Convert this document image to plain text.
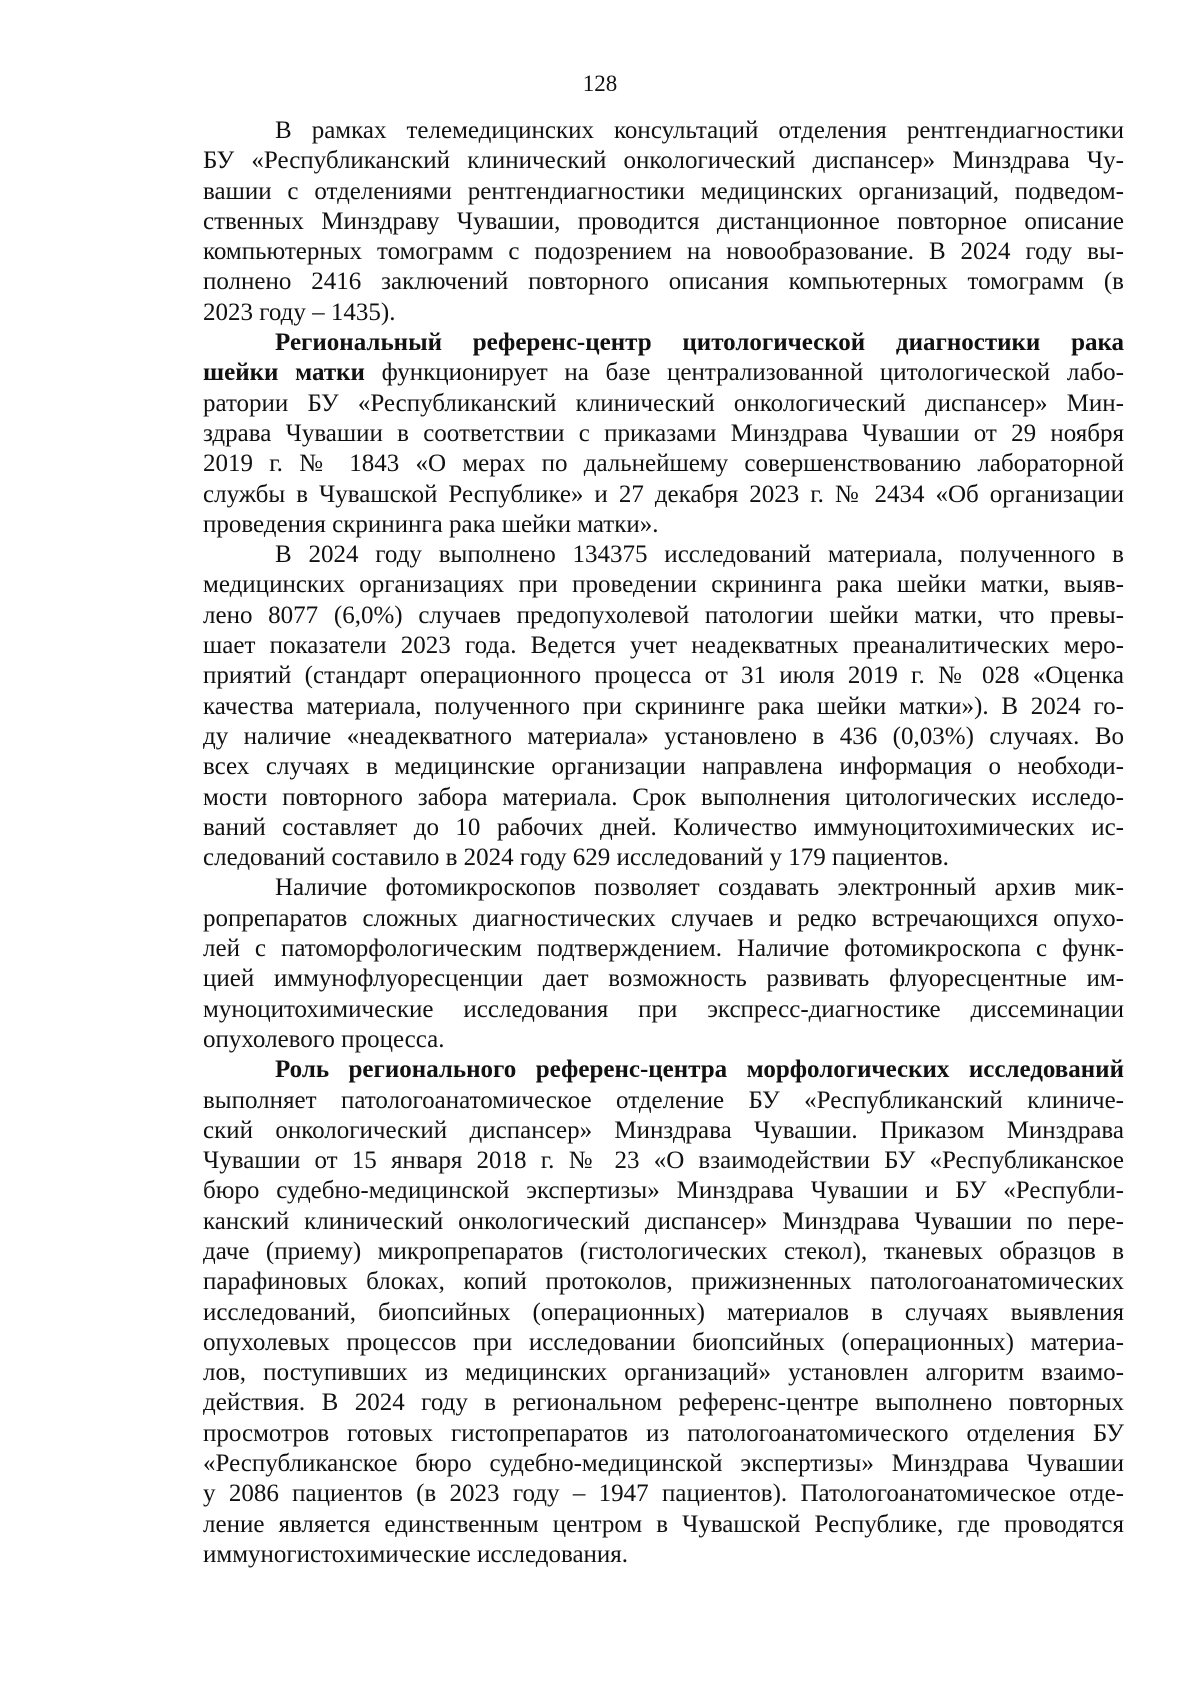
128
В рамках телемедицинских консультаций отделения рентгендиагностики
БУ «Республиканский клинический онкологический диспансер» Минздрава Чу-
вашии с отделениями рентгендиагностики медицинских организаций, подведом-
ственных Минздраву Чувашии, проводится дистанционное повторное описание
компьютерных томограмм с подозрением на новообразование. В 2024 году вы-
полнено 2416 заключений повторного описания компьютерных томограмм (в
2023 году – 1435).
Региональный референс-центр цитологической диагностики рака
шейки матки функционирует на базе централизованной цитологической лабо-
ратории БУ «Республиканский клинический онкологический диспансер» Мин-
здрава Чувашии в соответствии с приказами Минздрава Чувашии от 29 ноября
2019 г. № 1843 «О мерах по дальнейшему совершенствованию лабораторной
службы в Чувашской Республике» и 27 декабря 2023 г. № 2434 «Об организации
проведения скрининга рака шейки матки».
В 2024 году выполнено 134375 исследований материала, полученного в
медицинских организациях при проведении скрининга рака шейки матки, выяв-
лено 8077 (6,0%) случаев предопухолевой патологии шейки матки, что превы-
шает показатели 2023 года. Ведется учет неадекватных преаналитических меро-
приятий (стандарт операционного процесса от 31 июля 2019 г. № 028 «Оценка
качества материала, полученного при скрининге рака шейки матки»). В 2024 го-
ду наличие «неадекватного материала» установлено в 436 (0,03%) случаях. Во
всех случаях в медицинские организации направлена информация о необходи-
мости повторного забора материала. Срок выполнения цитологических исследо-
ваний составляет до 10 рабочих дней. Количество иммуноцитохимических ис-
следований составило в 2024 году 629 исследований у 179 пациентов.
Наличие фотомикроскопов позволяет создавать электронный архив мик-
ропрепаратов сложных диагностических случаев и редко встречающихся опухо-
лей с патоморфологическим подтверждением. Наличие фотомикроскопа с функ-
цией иммунофлуоресценции дает возможность развивать флуоресцентные им-
муноцитохимические исследования при экспресс-диагностике диссеминации
опухолевого процесса.
Роль регионального референс-центра морфологических исследований
выполняет патологоанатомическое отделение БУ «Республиканский клиниче-
ский онкологический диспансер» Минздрава Чувашии. Приказом Минздрава
Чувашии от 15 января 2018 г. № 23 «О взаимодействии БУ «Республиканское
бюро судебно-медицинской экспертизы» Минздрава Чувашии и БУ «Республи-
канский клинический онкологический диспансер» Минздрава Чувашии по пере-
даче (приему) микропрепаратов (гистологических стекол), тканевых образцов в
парафиновых блоках, копий протоколов, прижизненных патологоанатомических
исследований, биопсийных (операционных) материалов в случаях выявления
опухолевых процессов при исследовании биопсийных (операционных) материа-
лов, поступивших из медицинских организаций» установлен алгоритм взаимо-
действия. В 2024 году в региональном референс-центре выполнено повторных
просмотров готовых гистопрепаратов из патологоанатомического отделения БУ
«Республиканское бюро судебно-медицинской экспертизы» Минздрава Чувашии
у 2086 пациентов (в 2023 году – 1947 пациентов). Патологоанатомическое отде-
ление является единственным центром в Чувашской Республике, где проводятся
иммуногистохимические исследования.
